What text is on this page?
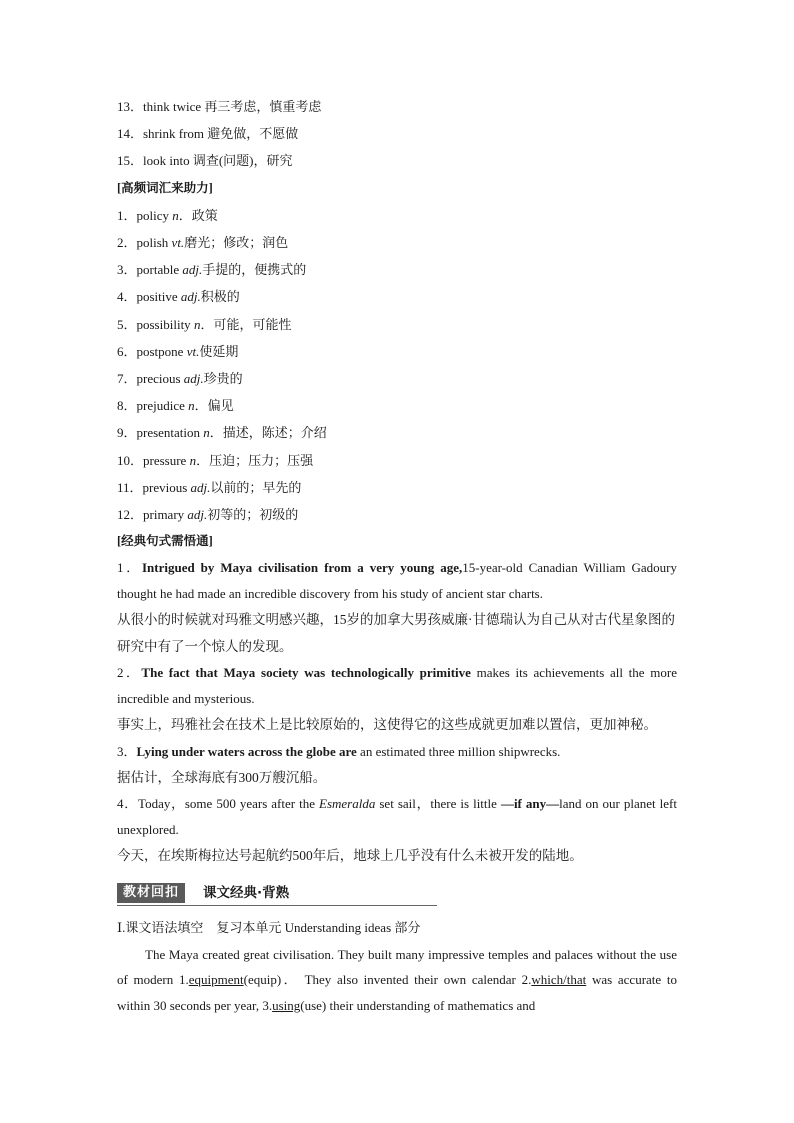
13．think twice 再三考虑，慎重考虑
14．shrink from 避免做，不愿做
15．look into 调查(问题)，研究
[高频词汇来助力]
1．policy n．政策
2．polish vt.磨光；修改；润色
3．portable adj.手提的，便携式的
4．positive adj.积极的
5．possibility n．可能，可能性
6．postpone vt.使延期
7．precious adj.珍贵的
8．prejudice n．偏见
9．presentation n．描述，陈述；介绍
10．pressure n．压迫；压力；压强
11．previous adj.以前的；早先的
12．primary adj.初等的；初级的
[经典句式需悟通]
1．Intrigued by Maya civilisation from a very young age,15-year-old Canadian William Gadoury thought he had made an incredible discovery from his study of ancient star charts.
从很小的时候就对玛雅文明感兴趣，15岁的加拿大男孩威廉·甘德瑞认为自己从对古代星象图的研究中有了一个惊人的发现。
2．The fact that Maya society was technologically primitive makes its achievements all the more incredible and mysterious.
事实上，玛雅社会在技术上是比较原始的，这使得它的这些成就更加难以置信，更加神秘。
3．Lying under waters across the globe are an estimated three million shipwrecks.
据估计，全球海底有300万艘沉船。
4．Today，some 500 years after the Esmeralda set sail，there is little —if any—land on our planet left unexplored.
今天，在埃斯梅拉达号起航约500年后，地球上几乎没有什么未被开发的陆地。
教材回扣	课文经典·背熟
Ⅰ.课文语法填空　复习本单元 Understanding ideas 部分
The Maya created great civilisation. They built many impressive temples and palaces without the use of modern 1.equipment(equip)． They also invented their own calendar 2.which/that was accurate to within 30 seconds per year, 3.using(use) their understanding of mathematics and
